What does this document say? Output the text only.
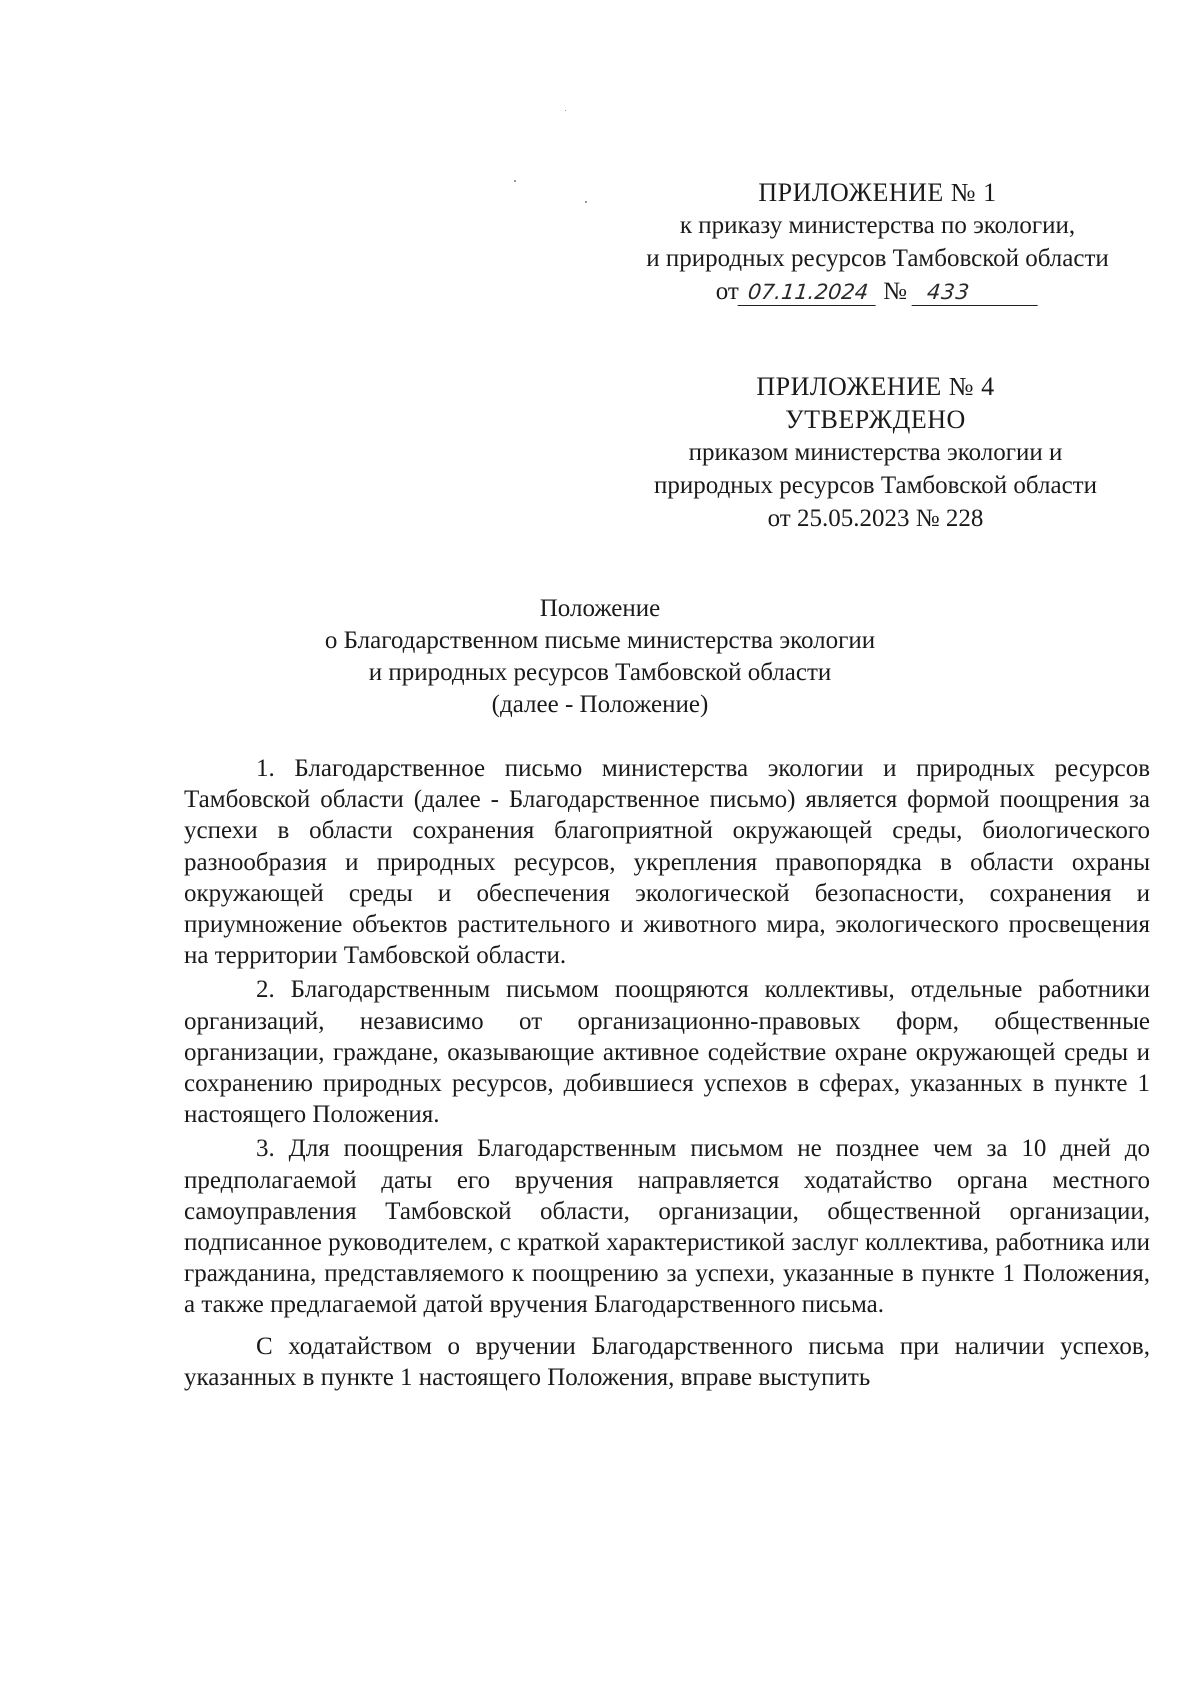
ПРИЛОЖЕНИЕ № 1
к приказу министерства по экологии,
и природных ресурсов Тамбовской области
от 07.11.2024 № 433
ПРИЛОЖЕНИЕ № 4
УТВЕРЖДЕНО
приказом министерства экологии и
природных ресурсов Тамбовской области
от 25.05.2023 № 228
Положение
о Благодарственном письме министерства экологии
и природных ресурсов Тамбовской области
(далее - Положение)

1. Благодарственное письмо министерства экологии и природных ресурсов Тамбовской области (далее - Благодарственное письмо) является формой поощрения за успехи в области сохранения благоприятной окружающей среды, биологического разнообразия и природных ресурсов, укрепления правопорядка в области охраны окружающей среды и обеспечения экологической безопасности, сохранения и приумножение объектов растительного и животного мира, экологического просвещения на территории Тамбовской области.

2. Благодарственным письмом поощряются коллективы, отдельные работники организаций, независимо от организационно-правовых форм, общественные организации, граждане, оказывающие активное содействие охране окружающей среды и сохранению природных ресурсов, добившиеся успехов в сферах, указанных в пункте 1 настоящего Положения.

3. Для поощрения Благодарственным письмом не позднее чем за 10 дней до предполагаемой даты его вручения направляется ходатайство органа местного самоуправления Тамбовской области, организации, общественной организации, подписанное руководителем, с краткой характеристикой заслуг коллектива, работника или гражданина, представляемого к поощрению за успехи, указанные в пункте 1 Положения, а также предлагаемой датой вручения Благодарственного письма.

С ходатайством о вручении Благодарственного письма при наличии успехов, указанных в пункте 1 настоящего Положения, вправе выступить
